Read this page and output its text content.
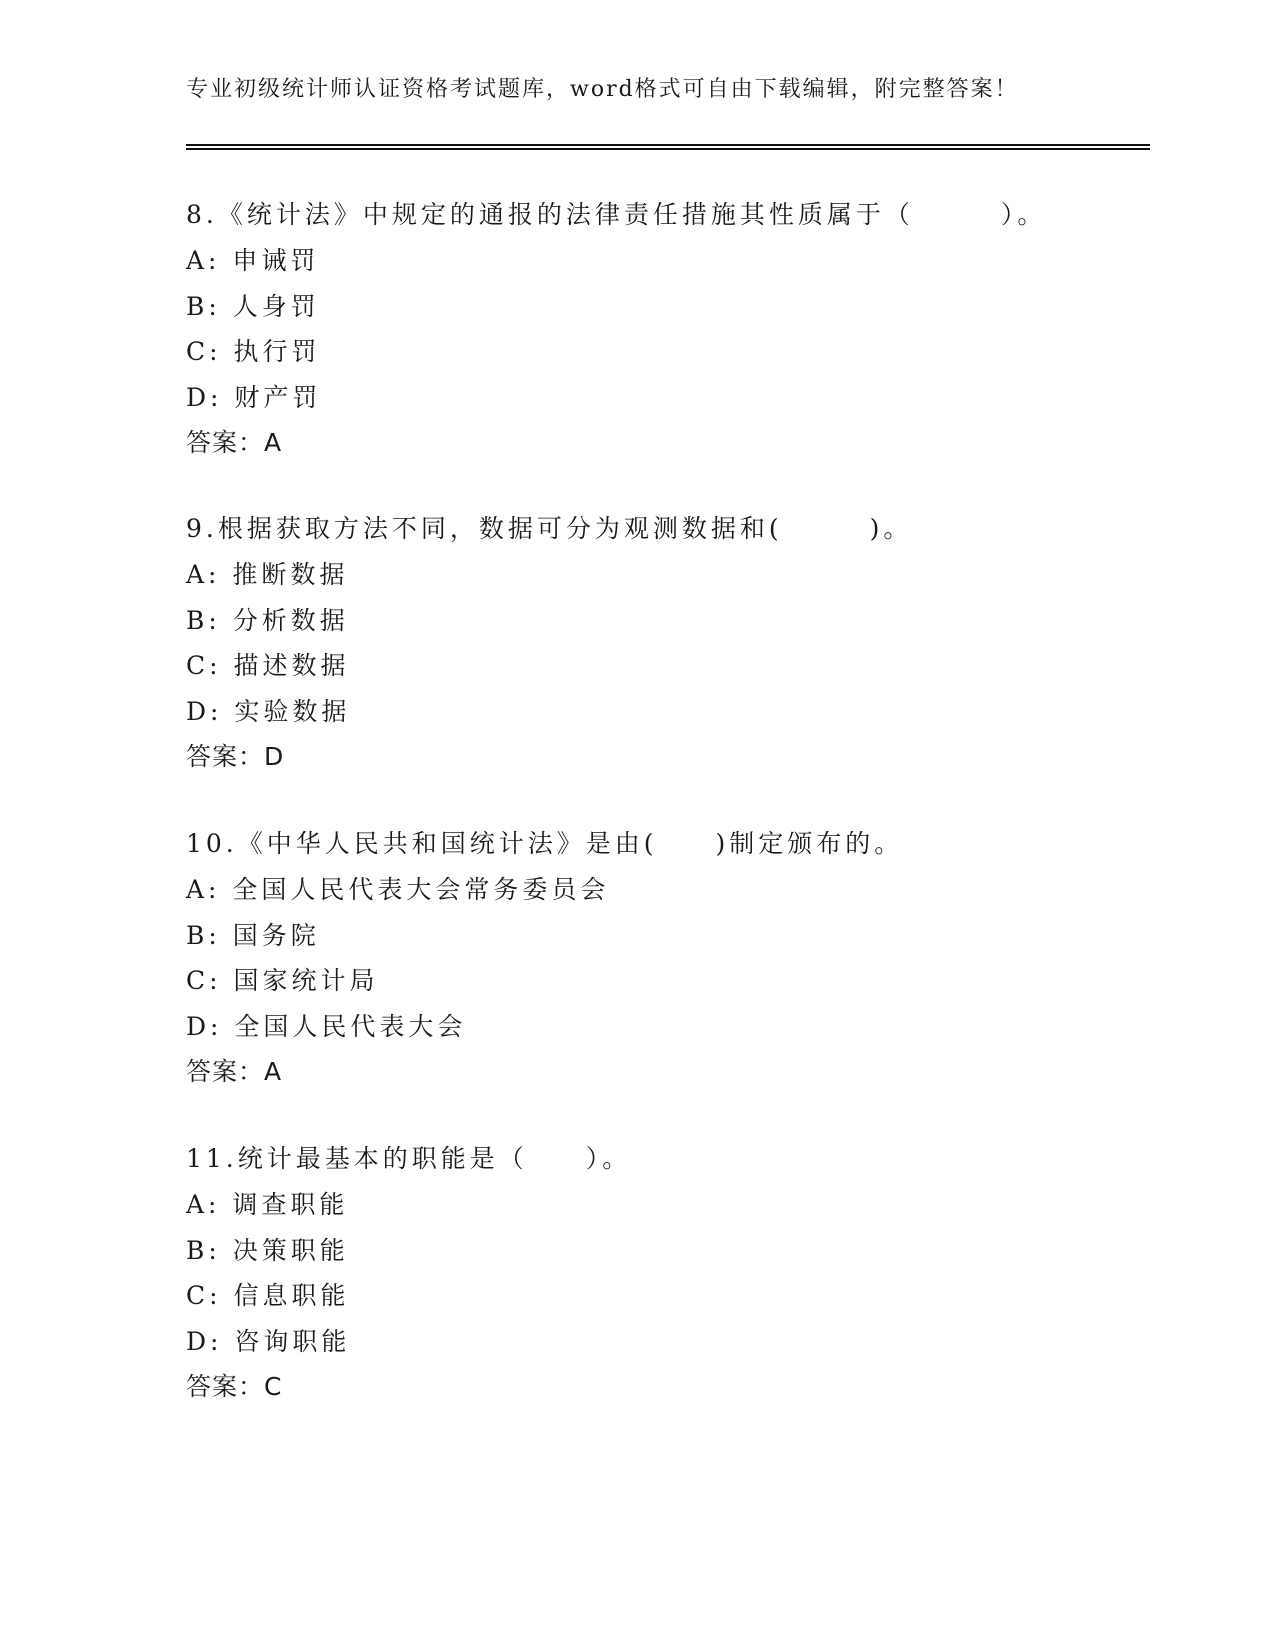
专业初级统计师认证资格考试题库，word格式可自由下载编辑，附完整答案！
8.《统计法》中规定的通报的法律责任措施其性质属于（　　　）。
A: 申诫罚
B: 人身罚
C: 执行罚
D: 财产罚
答案：A
9.根据获取方法不同，数据可分为观测数据和(　　　)。
A: 推断数据
B: 分析数据
C: 描述数据
D: 实验数据
答案：D
10.《中华人民共和国统计法》是由(　　)制定颁布的。
A: 全国人民代表大会常务委员会
B: 国务院
C: 国家统计局
D: 全国人民代表大会
答案：A
11.统计最基本的职能是（　　）。
A: 调查职能
B: 决策职能
C: 信息职能
D: 咨询职能
答案：C
